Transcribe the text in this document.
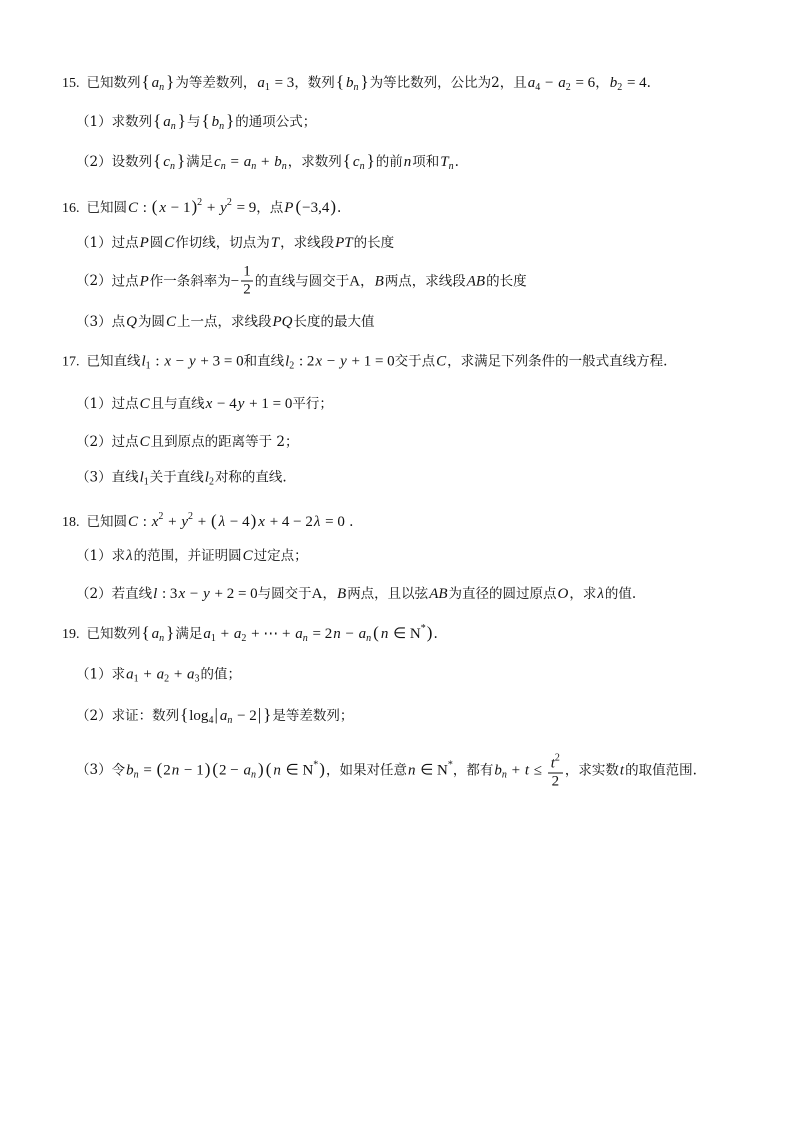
15. 已知数列{ $a_n$ }为等差数列，$a_1 = 3$，数列{ $b_n$ }为等比数列，公比为2，且$a_4 - a_2 = 6$，$b_2 = 4$.
（1）求数列{ $a_n$ }与{ $b_n$ }的通项公式；
（2）设数列{ $c_n$ }满足$c_n = a_n + b_n$，求数列{ $c_n$ }的前n项和$T_n$.
16. 已知圆C : ( $x - 1)^2 + y^2 = 9$，点P (−3,4).
（1）过点P圆C作切线，切点为T，求线段PT的长度
（2）过点P作一条斜率为− $\frac{1}{2}$ 的直线与圆交于A，B两点，求线段AB的长度
（3）点Q为圆C上一点，求线段PQ长度的最大值
17. 已知直线$l_1$ : x − y + 3 = 0和直线$l_2$ : 2x − y + 1 = 0交于点C，求满足下列条件的一般式直线方程.
（1）过点C且与直线x − 4y + 1 = 0平行；
（2）过点C且到原点的距离等于 2；
（3）直线$l_1$关于直线$l_2$对称的直线.
18. 已知圆C : $x^2 + y^2$ + ( λ − 4) x + 4 − 2λ = 0 .
（1）求λ的范围，并证明圆C过定点；
（2）若直线l : 3x − y + 2 = 0与圆交于A，B两点，且以弦AB为直径的圆过原点O，求λ的值.
19. 已知数列{ $a_n$ }满足$a_1 + a_2$ + ⋯ + $a_n = 2n - a_n$ ( n ∈ N*).
（1）求$a_1 + a_2 + a_3$的值；
（2）求证：数列{$\log_4|$ $a_n - 2|$ }是等差数列；
（3）令$b_n = (2n - 1) (2 - a_n$ ) ( n ∈ N*)，如果对任意n ∈ N*，都有$b_n + t \le \frac{t^2}{2}$ ，求实数t的取值范围.
